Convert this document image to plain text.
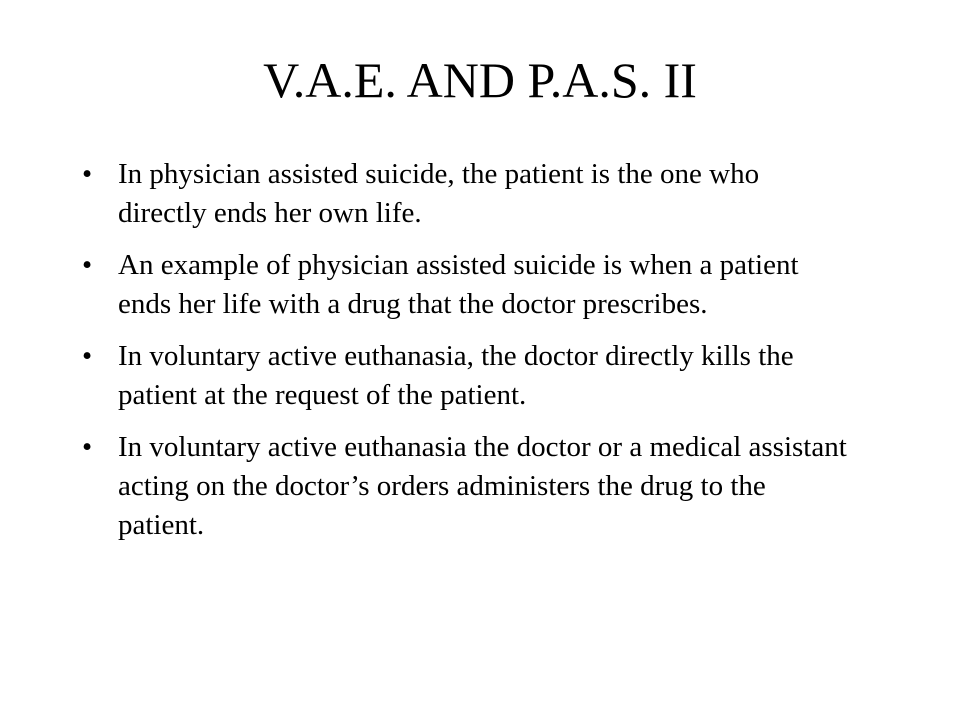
V.A.E. AND P.A.S. II
• In physician assisted suicide, the patient is the one who directly ends her own life.
• An example of physician assisted suicide is when a patient ends her life with a drug that the doctor prescribes.
• In voluntary active euthanasia, the doctor directly kills the patient at the request of the patient.
• In voluntary active euthanasia the doctor or a medical assistant acting on the doctor’s orders administers the drug to the patient.
